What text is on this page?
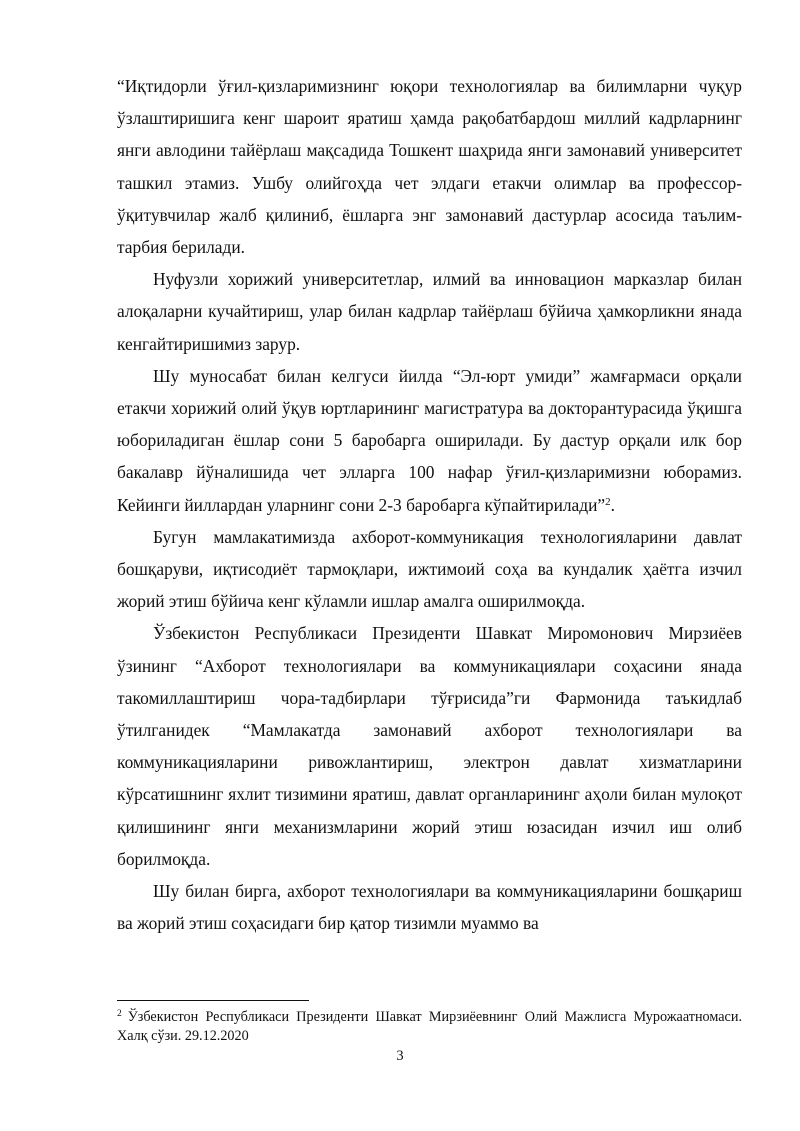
“Иқтидорли ўғил-қизларимизнинг юқори технологиялар ва билимларни чуқур ўзлаштиришига кенг шароит яратиш ҳамда рақобатбардош миллий кадрларнинг янги авлодини тайёрлаш мақсадида Тошкент шаҳрида янги замонавий университет ташкил этамиз. Ушбу олийгоҳда чет элдаги етакчи олимлар ва профессор-ўқитувчилар жалб қилиниб, ёшларга энг замонавий дастурлар асосида таълим-тарбия берилади.

Нуфузли хорижий университетлар, илмий ва инновацион марказлар билан алоқаларни кучайтириш, улар билан кадрлар тайёрлаш бўйича ҳамкорликни янада кенгайтиришимиз зарур.

Шу муносабат билан келгуси йилда “Эл-юрт умиди” жамғармаси орқали етакчи хорижий олий ўқув юртларининг магистратура ва докторантурасида ўқишга юбориладиган ёшлар сони 5 баробарга оширилади. Бу дастур орқали илк бор бакалавр йўналишида чет элларга 100 нафар ўғил-қизларимизни юборамиз. Кейинги йиллардан уларнинг сони 2-3 баробарга кўпайтирилади”$^2$.

Бугун мамлакатимизда ахборот-коммуникация технологияларини давлат бошқаруви, иқтисодиёт тармоқлари, ижтимоий соҳа ва кундалик ҳаётга изчил жорий этиш бўйича кенг кўламли ишлар амалга оширилмоқда.

Ўзбекистон Республикаси Президенти Шавкат Миромонович Мирзиёев ўзининг “Ахборот технологиялари ва коммуникациялари соҳасини янада такомиллаштириш чора-тадбирлари тўғрисида”ги Фармонида таъкидлаб ўтилганидек “Мамлакатда замонавий ахборот технологиялари ва коммуникацияларини ривожлантириш, электрон давлат хизматларини кўрсатишнинг яхлит тизимини яратиш, давлат органларининг аҳоли билан мулоқот қилишининг янги механизмларини жорий этиш юзасидан изчил иш олиб борилмоқда.

Шу билан бирга, ахборот технологиялари ва коммуникацияларини бошқариш ва жорий этиш соҳасидаги бир қатор тизимли муаммо ва

$^2$ Ўзбекистон Республикаси Президенти Шавкат Мирзиёевнинг Олий Мажлисга Мурожаатномаси. Халқ сўзи. 29.12.2020

3
